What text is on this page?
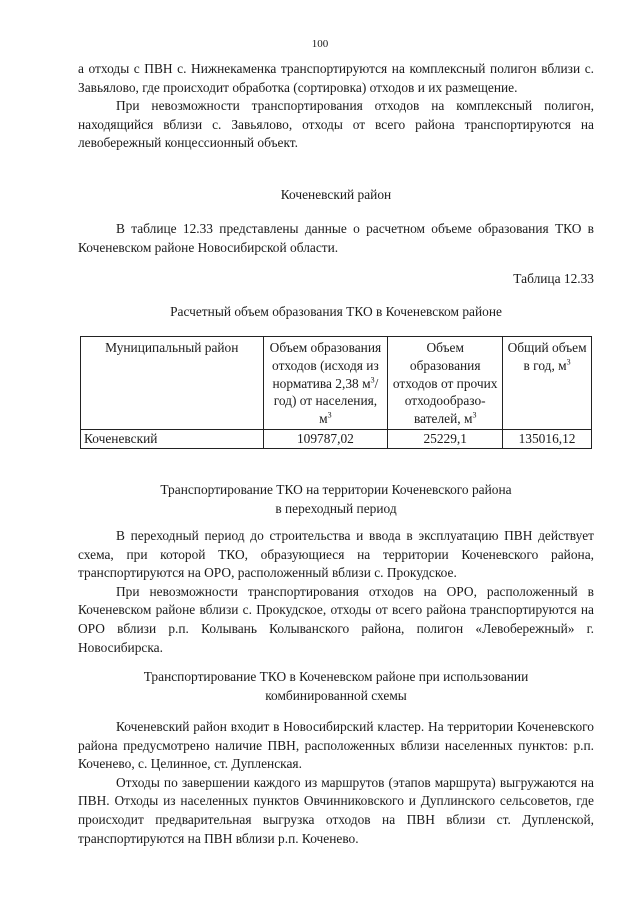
100

а отходы с ПВН с. Нижнекаменка транспортируются на комплексный полигон вблизи с. Завьялово, где происходит обработка (сортировка) отходов и их размещение.

При невозможности транспортирования отходов на комплексный полигон, находящийся вблизи с. Завьялово, отходы от всего района транспортируются на левобережный концессионный объект.

Коченевский район

В таблице 12.33 представлены данные о расчетном объеме образования ТКО в Коченевском районе Новосибирской области.

Таблица 12.33
Расчетный объем образования ТКО в Коченевском районе
Муниципальный район	Объем образования отходов (исходя из норматива 2,38 $м^3/год$) от населения, $м^3$	Объем образования отходов от прочих отходообразо-вателей, $м^3$	Общий объем в год, $м^3$
Коченевский	109787,02	25229,1	135016,12
Транспортирование ТКО на территории Коченевского района
в переходный период

В переходный период до строительства и ввода в эксплуатацию ПВН действует схема, при которой ТКО, образующиеся на территории Коченевского района, транспортируются на ОРО, расположенный вблизи с. Прокудское.

При невозможности транспортирования отходов на ОРО, расположенный в Коченевском районе вблизи с. Прокудское, отходы от всего района транспортируются на ОРО вблизи р.п. Колывань Колыванского района, полигон «Левобережный» г. Новосибирска.

Транспортирование ТКО в Коченевском районе при использовании
комбинированной схемы

Коченевский район входит в Новосибирский кластер. На территории Коченевского района предусмотрено наличие ПВН, расположенных вблизи населенных пунктов: р.п. Коченево, с. Целинное, ст. Дупленская.

Отходы по завершении каждого из маршрутов (этапов маршрута) выгружаются на ПВН. Отходы из населенных пунктов Овчинниковского и Дуплинского сельсоветов, где происходит предварительная выгрузка отходов на ПВН вблизи ст. Дупленской, транспортируются на ПВН вблизи р.п. Коченево.
